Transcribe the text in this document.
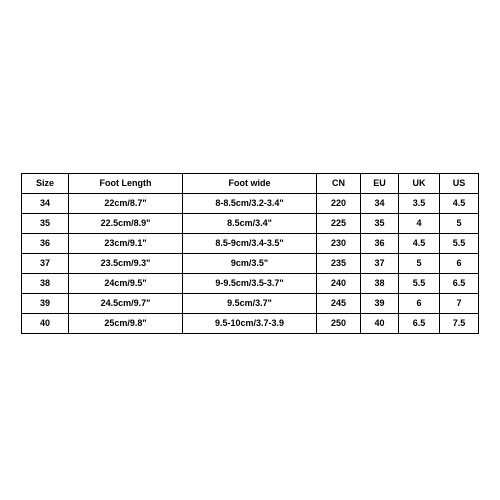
Size	Foot Length	Foot wide	CN	EU	UK	US
34	22cm/8.7"	8-8.5cm/3.2-3.4"	220	34	3.5	4.5
35	22.5cm/8.9"	8.5cm/3.4"	225	35	4	5
36	23cm/9.1"	8.5-9cm/3.4-3.5"	230	36	4.5	5.5
37	23.5cm/9.3"	9cm/3.5"	235	37	5	6
38	24cm/9.5"	9-9.5cm/3.5-3.7"	240	38	5.5	6.5
39	24.5cm/9.7"	9.5cm/3.7"	245	39	6	7
40	25cm/9.8"	9.5-10cm/3.7-3.9	250	40	6.5	7.5
